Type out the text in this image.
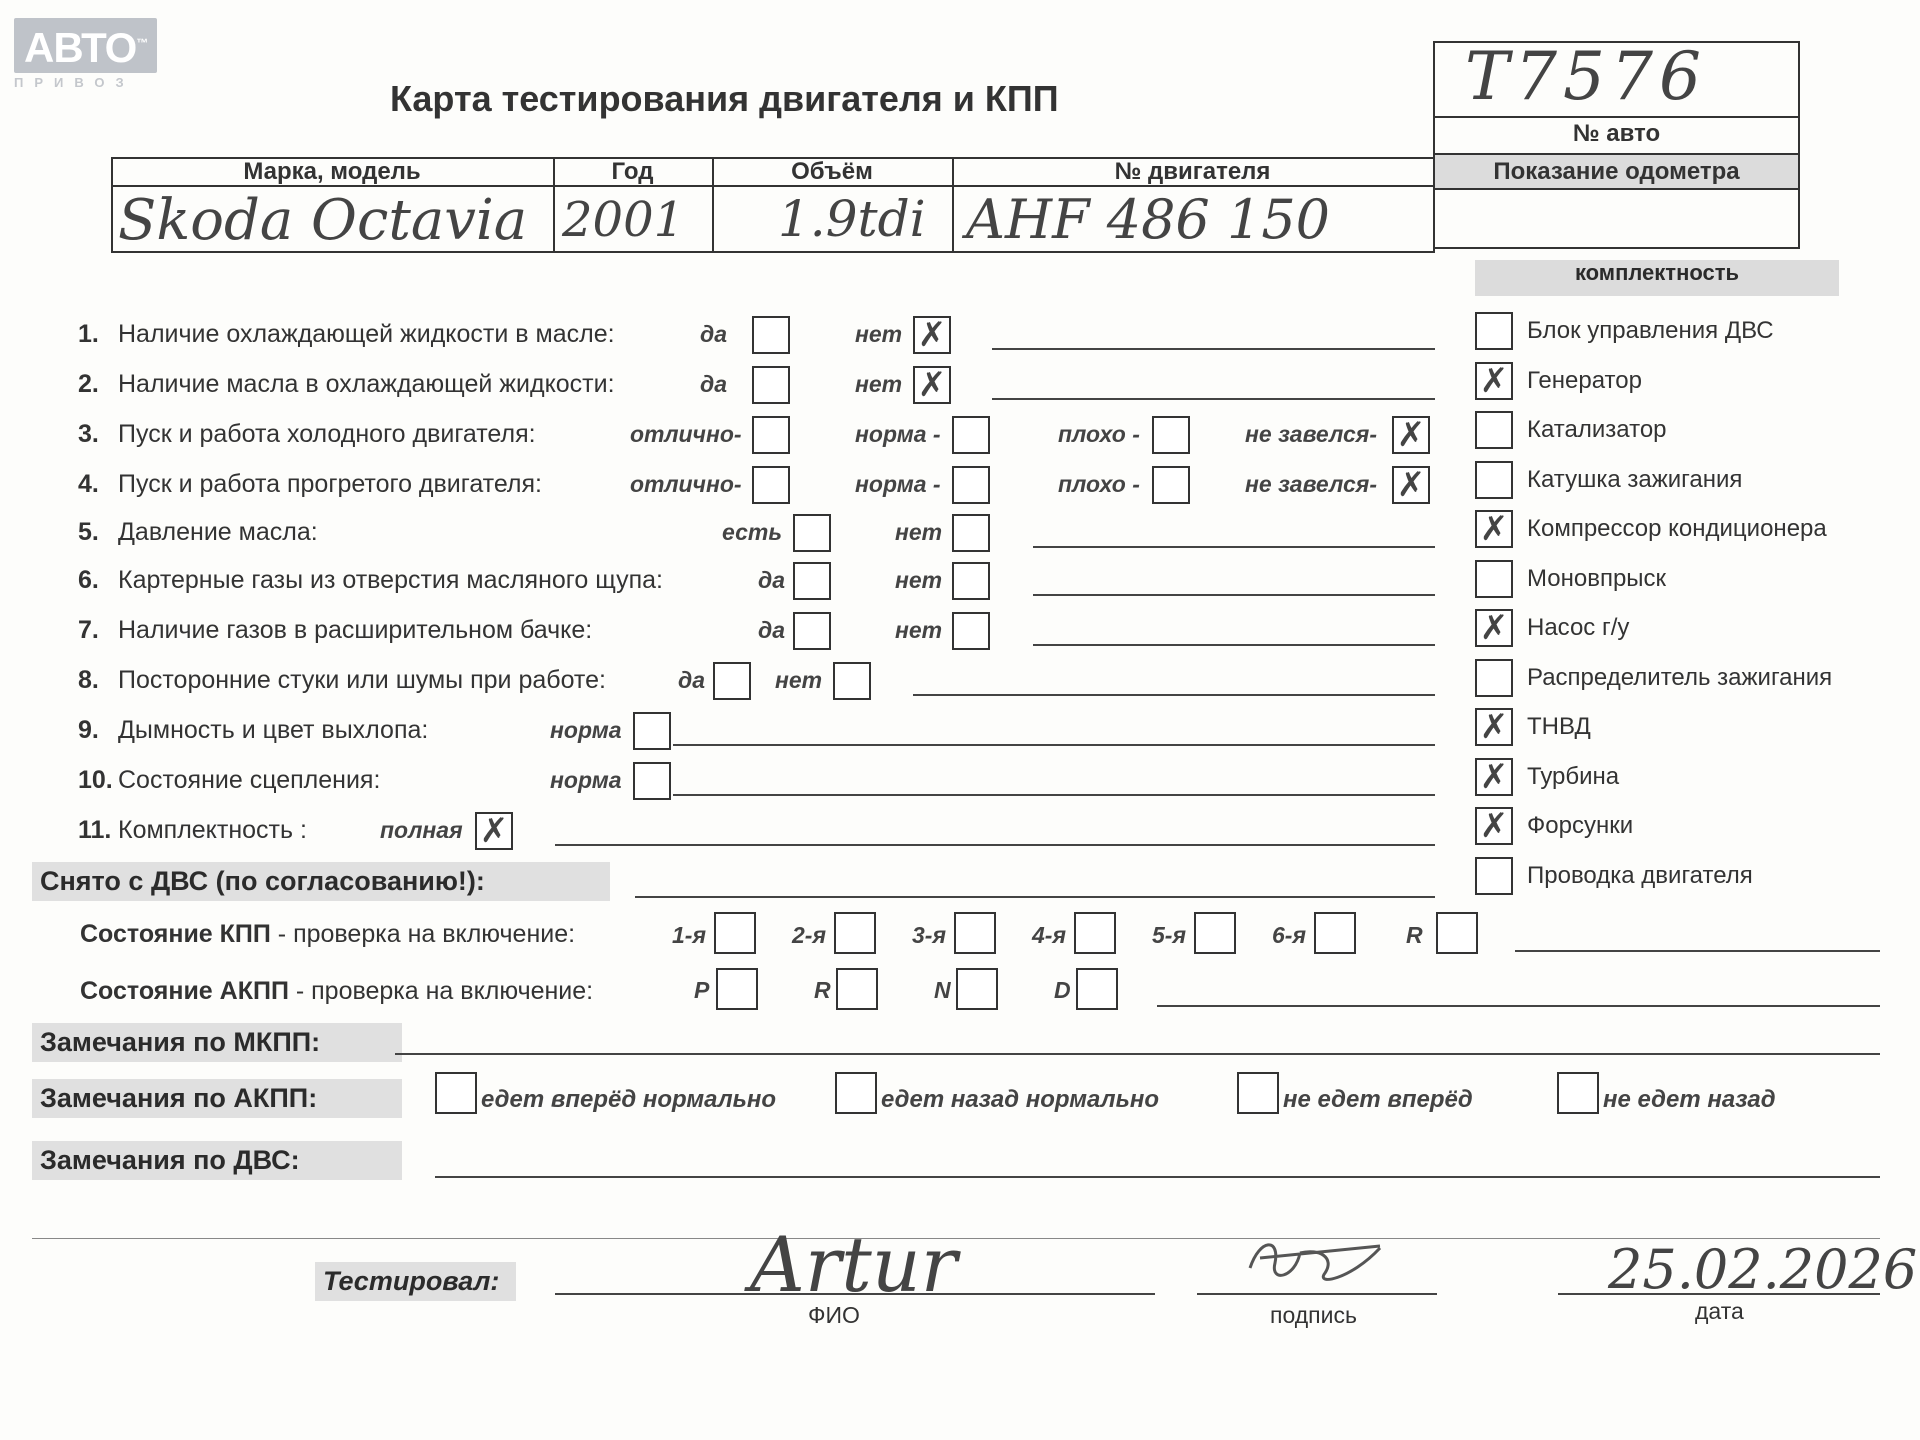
АВТО™
ПРИВОЗ	Карта тестирования двигателя и КПП	T7576
№ авто
Показание одометра
Марка, модель	Год	Объём	№ двигателя
Skoda Octavia 2001 1.9tdi AHF 486 150
1. Наличие охлаждающей жидкости в масле:	да	нет
2. Наличие масла в охлаждающей жидкости:	да	нет
3. Пуск и работа холодного двигателя:	отлично-	норма -	плохо -	не завелся-
4. Пуск и работа прогретого двигателя:	отлично-	норма -	плохо -	не завелся-
5. Давление масла:	есть	нет
6. Картерные газы из отверстия масляного щупа:	да	нет
7. Наличие газов в расширительном бачке:	да	нет
8. Посторонние стуки или шумы при работе:	да	нет
9. Дымность и цвет выхлопа:	норма
10. Состояние сцепления:	норма
11. Комплектность :	полная
комплектность
Блок управления ДВС
Генератор
Катализатор
Катушка зажигания
Компрессор кондиционера
Моновпрыск
Насос г/у
Распределитель зажигания
ТНВД
Турбина
Форсунки
Проводка двигателя
Снято с ДВС (по согласованию!):
Состояние КПП - проверка на включение:	1-я	2-я	3-я	4-я	5-я	6-я	R
Состояние АКПП - проверка на включение:	P	R	N	D
Замечания по МКПП:
Замечания по АКПП:	едет вперёд нормально	едет назад нормально	не едет вперёд	не едет назад
Замечания по ДВС:
Тестировал:	Artur
ФИО	подпись
25.02.2026
дата
✗
✗
✗
✗
✗
✗
✗
✗
✗
✗
✗
